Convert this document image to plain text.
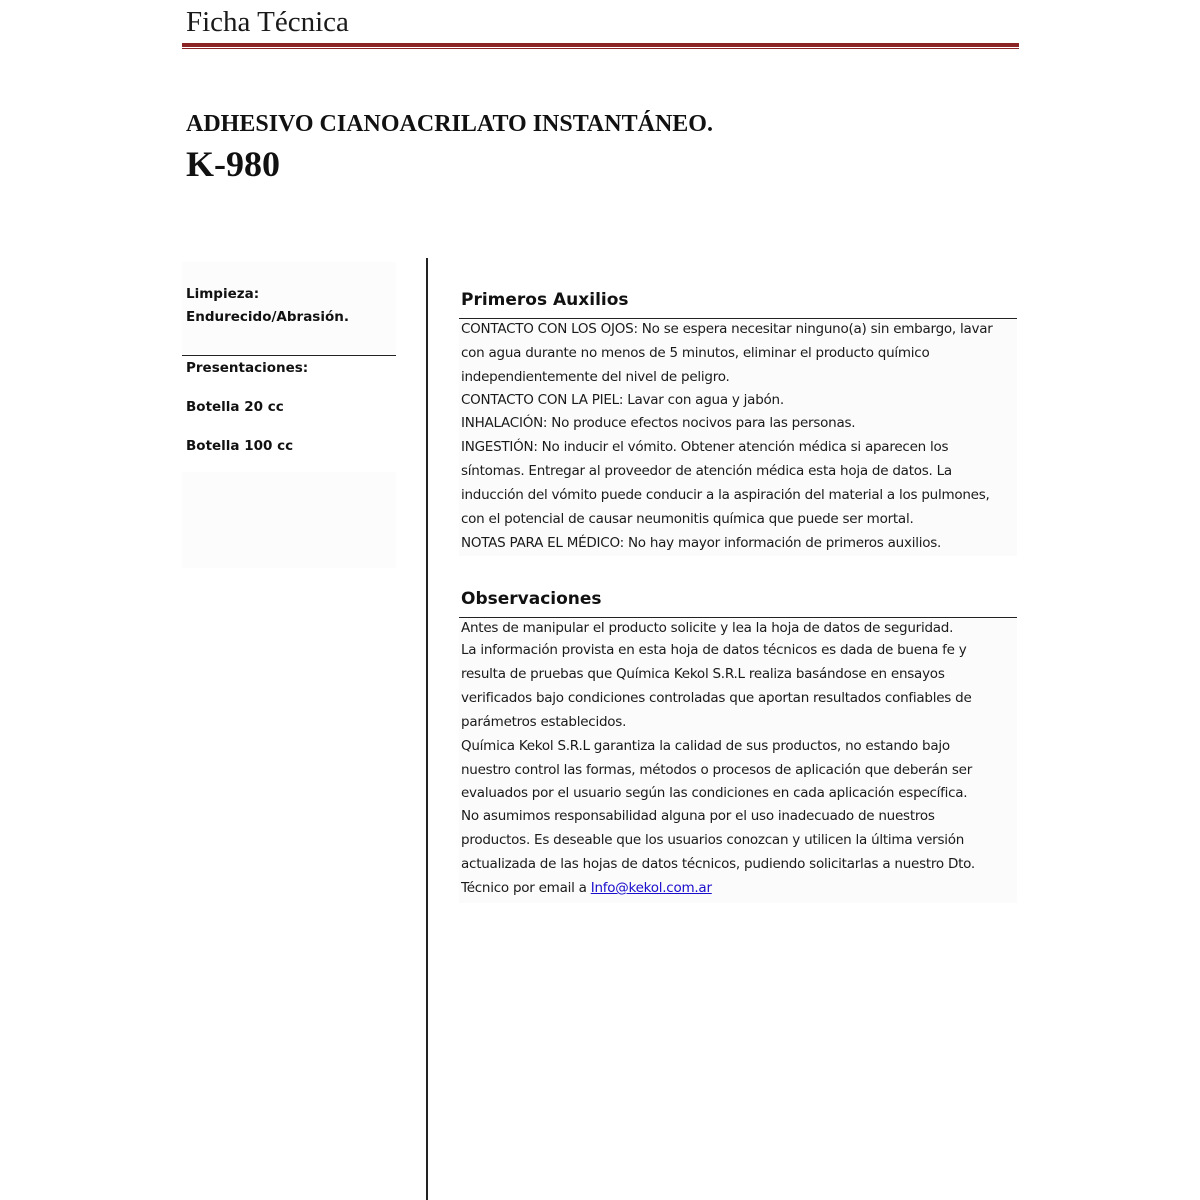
Ficha Técnica
ADHESIVO CIANOACRILATO INSTANTÁNEO.
K-980
Limpieza:
Endurecido/Abrasión.
Presentaciones:
Botella 20 cc
Botella 100 cc
Primeros Auxilios
CONTACTO CON LOS OJOS: No se espera necesitar ninguno(a) sin embargo, lavar
con agua durante no menos de 5 minutos, eliminar el producto químico
independientemente del nivel de peligro.
CONTACTO CON LA PIEL: Lavar con agua y jabón.
INHALACIÓN: No produce efectos nocivos para las personas.
INGESTIÓN: No inducir el vómito. Obtener atención médica si aparecen los
síntomas. Entregar al proveedor de atención médica esta hoja de datos. La
inducción del vómito puede conducir a la aspiración del material a los pulmones,
con el potencial de causar neumonitis química que puede ser mortal.
NOTAS PARA EL MÉDICO: No hay mayor información de primeros auxilios.
Observaciones
Antes de manipular el producto solicite y lea la hoja de datos de seguridad.
La información provista en esta hoja de datos técnicos es dada de buena fe y
resulta de pruebas que Química Kekol S.R.L realiza basándose en ensayos
verificados bajo condiciones controladas que aportan resultados confiables de
parámetros establecidos.
Química Kekol S.R.L garantiza la calidad de sus productos, no estando bajo
nuestro control las formas, métodos o procesos de aplicación que deberán ser
evaluados por el usuario según las condiciones en cada aplicación específica.
No asumimos responsabilidad alguna por el uso inadecuado de nuestros
productos. Es deseable que los usuarios conozcan y utilicen la última versión
actualizada de las hojas de datos técnicos, pudiendo solicitarlas a nuestro Dto.
Técnico por email a Info@kekol.com.ar
